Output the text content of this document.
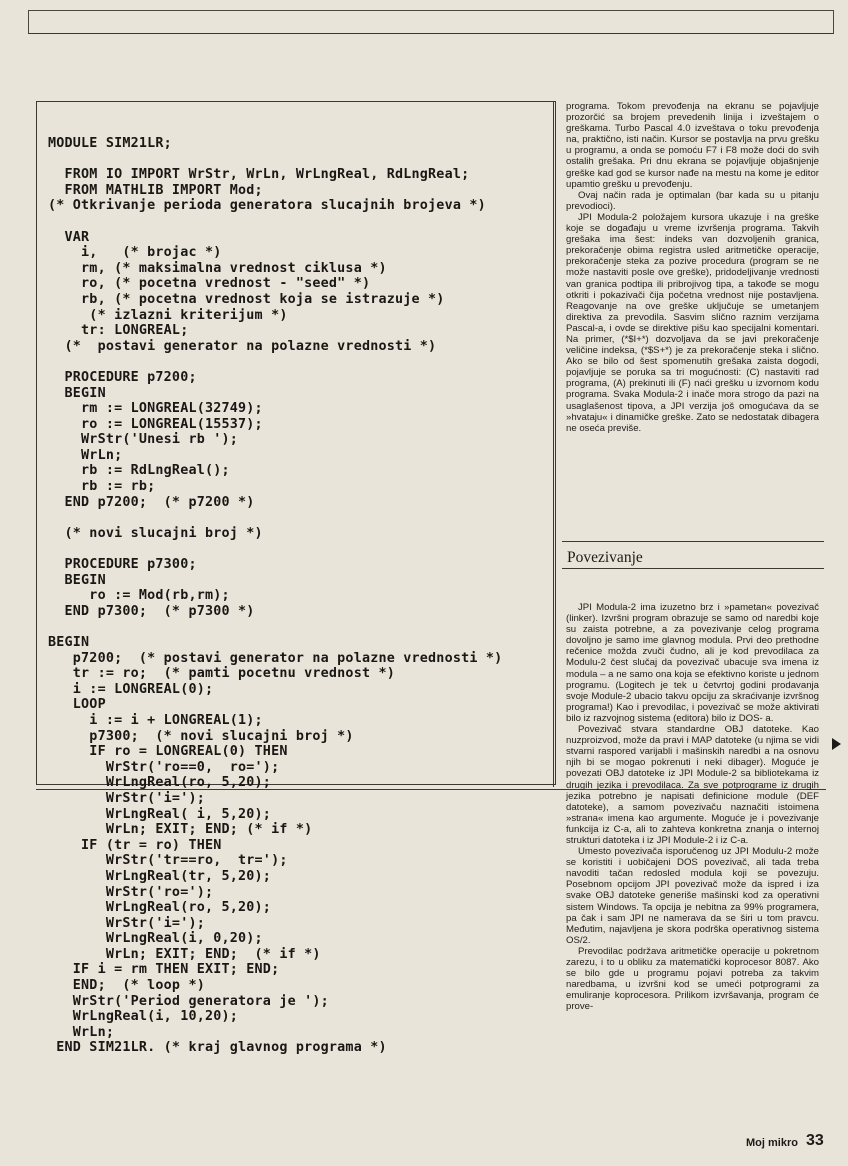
MODULE SIM21LR;

FROM IO IMPORT WrStr, WrLn, WrLngReal, RdLngReal;
FROM MATHLIB IMPORT Mod;
(* Otkrivanje perioda generatora slucajnih brojeva *)

VAR
i,   (* brojac *)
rm, (* maksimalna vrednost ciklusa *)
ro, (* pocetna vrednost - "seed" *)
rb, (* pocetna vrednost koja se istrazuje *)
(* izlazni kriterijum *)
tr: LONGREAL;
(*  postavi generator na polazne vrednosti *)

PROCEDURE p7200;
BEGIN
rm := LONGREAL(32749);
ro := LONGREAL(15537);
WrStr('Unesi rb ');
WrLn;
rb := RdLngReal();
rb := rb;
END p7200;  (* p7200 *)

(* novi slucajni broj *)

PROCEDURE p7300;
BEGIN
ro := Mod(rb,rm);
END p7300;  (* p7300 *)

BEGIN
p7200;  (* postavi generator na polazne vrednosti *)
tr := ro;  (* pamti pocetnu vrednost *)
i := LONGREAL(0);
LOOP
i := i + LONGREAL(1);
p7300;  (* novi slucajni broj *)
IF ro = LONGREAL(0) THEN
WrStr('ro==0,  ro=');
WrLngReal(ro, 5,20);
WrStr('i=');
WrLngReal( i, 5,20);
WrLn; EXIT; END; (* if *)
IF (tr = ro) THEN
WrStr('tr==ro,  tr=');
WrLngReal(tr, 5,20);
WrStr('ro=');
WrLngReal(ro, 5,20);
WrStr('i=');
WrLngReal(i, 0,20);
WrLn; EXIT; END;  (* if *)
IF i = rm THEN EXIT; END;
END;  (* loop *)
WrStr('Period generatora je ');
WrLngReal(i, 10,20);
WrLn;
END SIM21LR. (* kraj glavnog programa *)

programa. Tokom prevođenja na ekranu se pojavljuje prozorčić sa brojem prevedenih linija i izveštajem o greškama. Turbo Pascal 4.0 izveštava o toku prevođenja na, praktično, isti način. Kursor se postavlja na prvu grešku u programu, a onda se pomoću F7 i F8 može doći do svih ostalih grešaka. Pri dnu ekrana se pojavljuje objašnjenje greške kad god se kursor nađe na mestu na kome je editor upamtio grešku u prevođenju.

Ovaj način rada je optimalan (bar kada su u pitanju prevodioci).

JPI Modula-2 položajem kursora ukazuje i na greške koje se događaju u vreme izvršenja programa. Takvih grešaka ima šest: indeks van dozvoljenih granica, prekoračenje obima registra usled aritmetičke operacije, prekoračenje steka za pozive procedura (program se ne može nastaviti posle ove greške), pridodeljivanje vrednosti van granica podtipa ili pribrojivog tipa, a takođe se mogu otkriti i pokazivači čija početna vrednost nije postavljena. Reagovanje na ove greške uključuje se umetanjem direktiva za prevodila. Sasvim slično raznim verzijama Pascal-a, i ovde se direktive pišu kao specijalni komentari. Na primer, (*$I+*) dozvoljava da se javi prekoračenje veličine indeksa, (*$S+*) je za prekoračenje steka i slično. Ako se bilo od šest spomenutih grešaka zaista dogodi, pojavljuje se poruka sa tri mogućnosti: (C) nastaviti rad programa, (A) prekinuti ili (F) naći grešku u izvornom kodu programa. Svaka Modula-2 i inače mora strogo da pazi na usaglašenost tipova, a JPI verzija još omogućava da se »hvataju« i dinamičke greške. Zato se nedostatak dibagera ne oseća previše.

Povezivanje

JPI Modula-2 ima izuzetno brz i »pametan« povezivač (linker). Izvršni program obrazuje se samo od naredbi koje su zaista potrebne, a za povezivanje celog programa dovoljno je samo ime glavnog modula. Prvi deo prethodne rečenice možda zvuči čudno, ali je kod prevodilaca za Modulu-2 čest slučaj da povezivač ubacuje sva imena iz modula – a ne samo ona koja se efektivno koriste u jednom programu. (Logitech je tek u četvrtoj godini prodavanja svoje Module-2 ubacio takvu opciju za skraćivanje izvršnog programa!) Kao i prevodilac, i povezivač se može aktivirati bilo iz razvojnog sistema (editora) bilo iz DOS- a.

Povezivač stvara standardne OBJ datoteke. Kao nuzproizvod, može da pravi i MAP datoteke (u njima se vidi stvarni raspored varijabli i mašinskih naredbi a na osnovu njih bi se mogao pokrenuti i neki dibager). Moguće je povezati OBJ datoteke iz JPI Module-2 sa bibliotekama iz drugih jezika i prevodilaca. Za sve potprograme iz drugih jezika potrebno je napisati definicione module (DEF datoteke), a samom povezivaču naznačiti istoimena »strana« imena kao argumente. Moguće je i povezivanje funkcija iz C-a, ali to zahteva konkretna znanja o internoj strukturi datoteka i iz JPI Module-2 i iz C-a.

Umesto povezivača isporučenog uz JPI Modulu-2 može se koristiti i uobičajeni DOS povezivač, ali tada treba navoditi tačan redosled modula koji se povezuju. Posebnom opcijom JPI povezivač može da ispred i iza svake OBJ datoteke generiše mašinski kod za operativni sistem Windows. Ta opcija je nebitna za 99% programera, pa čak i sam JPI ne namerava da se širi u tom pravcu. Međutim, najavljena je skora podrška operativnog sistema OS/2.

Prevodilac podržava aritmetičke operacije u pokretnom zarezu, i to u obliku za matematički koprocesor 8087. Ako se bilo gde u programu pojavi potreba za takvim naredbama, u izvršni kod se umeći potprogrami za emuliranje koprocesora. Prilikom izvršavanja, program će prove-

Moj mikro 33
